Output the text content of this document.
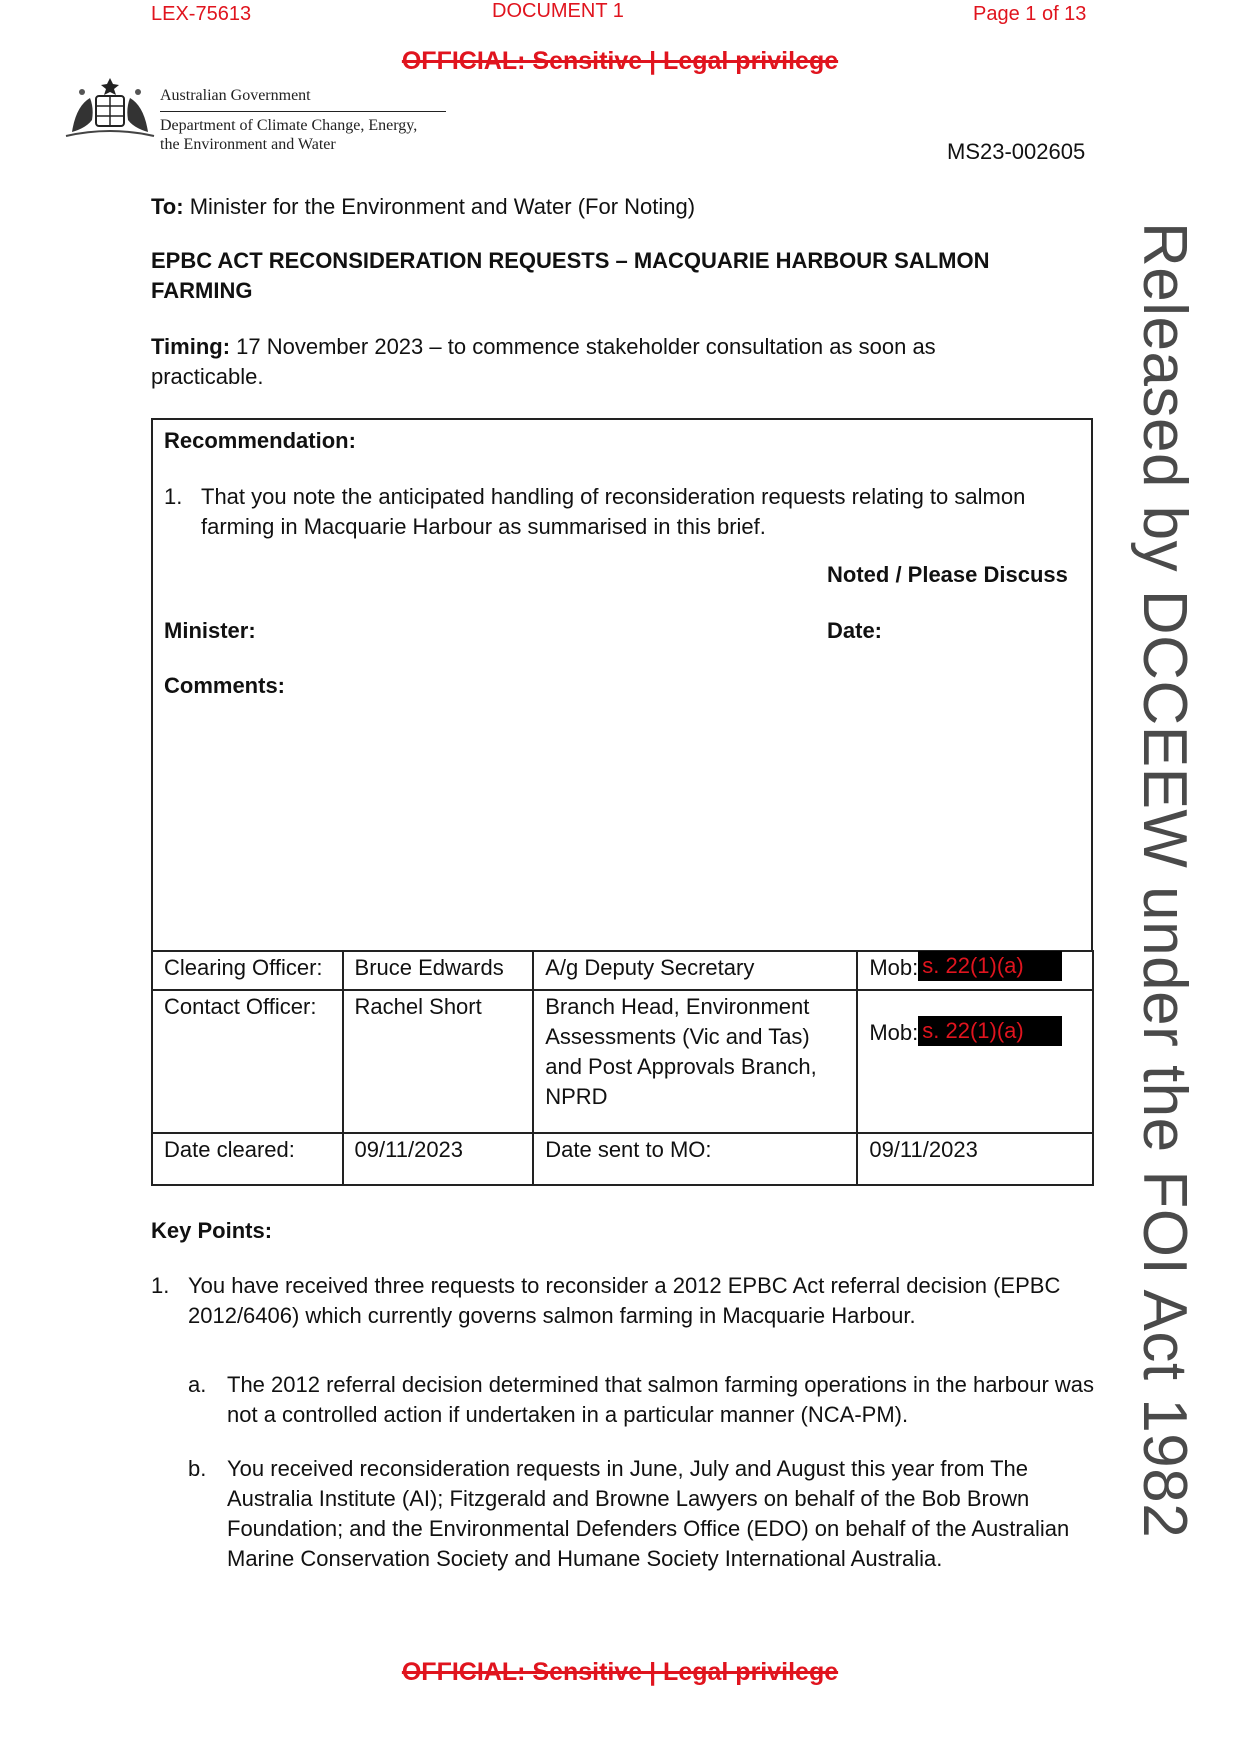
LEX-75613	DOCUMENT 1	Page 1 of 13
OFFICIAL: Sensitive | Legal privilege
Australian Government
Department of Climate Change, Energy,
the Environment and Water	MS23-002605
To: Minister for the Environment and Water (For Noting)
EPBC ACT RECONSIDERATION REQUESTS – MACQUARIE HARBOUR SALMON FARMING
Timing: 17 November 2023 – to commence stakeholder consultation as soon as practicable.
Recommendation:
1. That you note the anticipated handling of reconsideration requests relating to salmon farming in Macquarie Harbour as summarised in this brief.
Noted / Please Discuss
Minister:	Date:
Comments:
Clearing Officer:	Bruce Edwards	A/g Deputy Secretary	Mob: s. 22(1)(a)
Contact Officer:	Rachel Short	Branch Head, Environment Assessments (Vic and Tas) and Post Approvals Branch, NPRD	Mob: s. 22(1)(a)

Date cleared:	09/11/2023	Date sent to MO:	09/11/2023
Key Points:
1. You have received three requests to reconsider a 2012 EPBC Act referral decision (EPBC 2012/6406) which currently governs salmon farming in Macquarie Harbour.
a. The 2012 referral decision determined that salmon farming operations in the harbour was not a controlled action if undertaken in a particular manner (NCA-PM).
b. You received reconsideration requests in June, July and August this year from The Australia Institute (AI); Fitzgerald and Browne Lawyers on behalf of the Bob Brown Foundation; and the Environmental Defenders Office (EDO) on behalf of the Australian Marine Conservation Society and Humane Society International Australia.
OFFICIAL: Sensitive | Legal privilege
Released by DCCEEW under the FOI Act 1982
